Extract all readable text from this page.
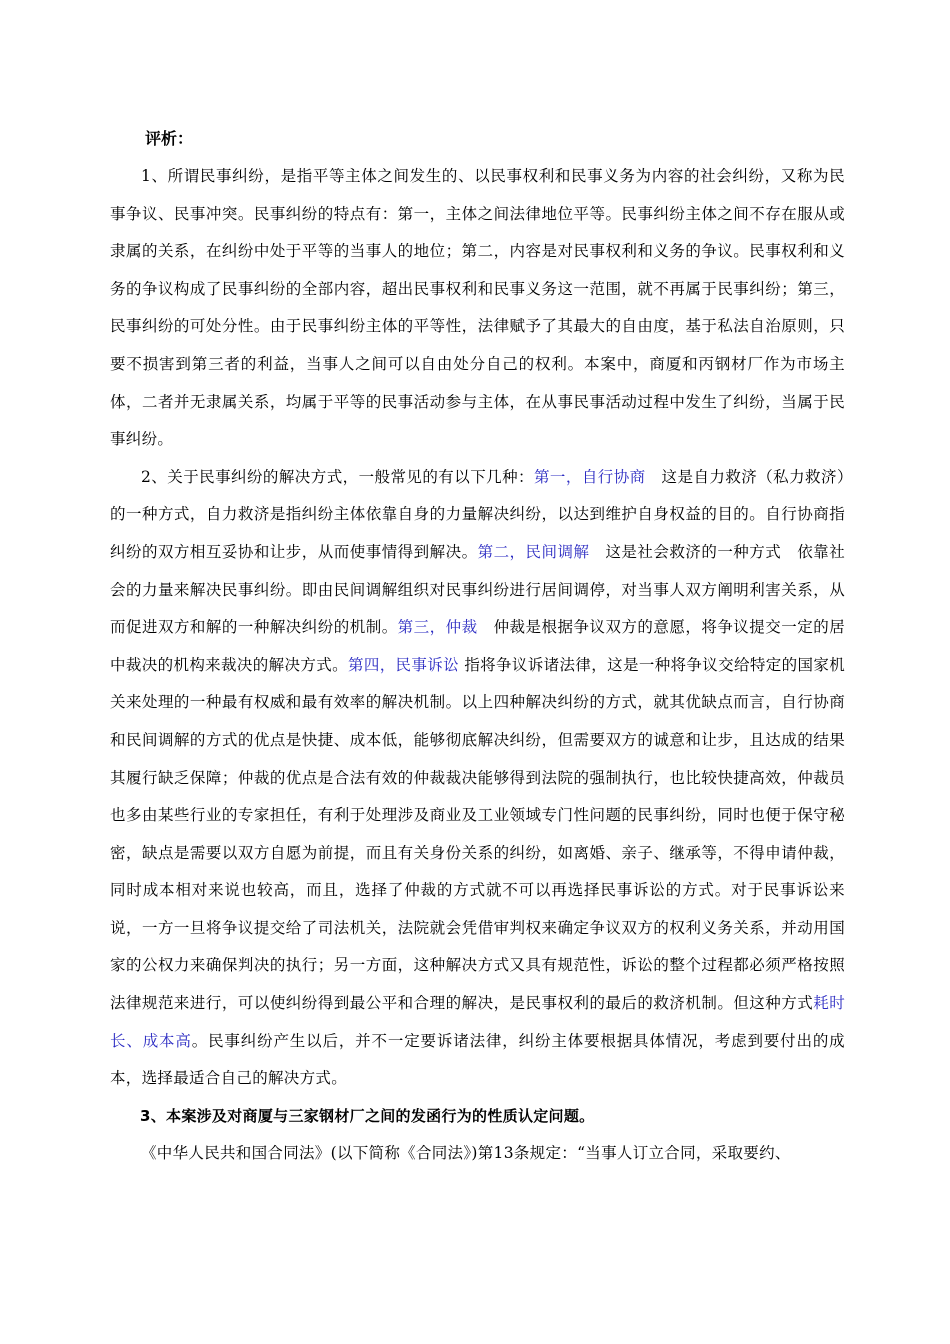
评析：

1、所谓民事纠纷，是指平等主体之间发生的、以民事权利和民事义务为内容的社会纠纷，又称为民事争议、民事冲突。民事纠纷的特点有：第一，主体之间法律地位平等。民事纠纷主体之间不存在服从或隶属的关系，在纠纷中处于平等的当事人的地位；第二，内容是对民事权利和义务的争议。民事权利和义务的争议构成了民事纠纷的全部内容，超出民事权利和民事义务这一范围，就不再属于民事纠纷；第三，民事纠纷的可处分性。由于民事纠纷主体的平等性，法律赋予了其最大的自由度，基于私法自治原则，只要不损害到第三者的利益，当事人之间可以自由处分自己的权利。本案中，商厦和丙钢材厂作为市场主体，二者并无隶属关系，均属于平等的民事活动参与主体，在从事民事活动过程中发生了纠纷，当属于民事纠纷。

2、关于民事纠纷的解决方式，一般常见的有以下几种：第一，自行协商　这是自力救济（私力救济）的一种方式，自力救济是指纠纷主体依靠自身的力量解决纠纷，以达到维护自身权益的目的。自行协商指纠纷的双方相互妥协和让步，从而使事情得到解决。第二，民间调解　这是社会救济的一种方式　依靠社会的力量来解决民事纠纷。即由民间调解组织对民事纠纷进行居间调停，对当事人双方阐明利害关系，从而促进双方和解的一种解决纠纷的机制。第三，仲裁　仲裁是根据争议双方的意愿，将争议提交一定的居中裁决的机构来裁决的解决方式。第四，民事诉讼 指将争议诉诸法律，这是一种将争议交给特定的国家机关来处理的一种最有权威和最有效率的解决机制。以上四种解决纠纷的方式，就其优缺点而言，自行协商和民间调解的方式的优点是快捷、成本低，能够彻底解决纠纷，但需要双方的诚意和让步，且达成的结果其履行缺乏保障；仲裁的优点是合法有效的仲裁裁决能够得到法院的强制执行，也比较快捷高效，仲裁员也多由某些行业的专家担任，有利于处理涉及商业及工业领域专门性问题的民事纠纷，同时也便于保守秘密，缺点是需要以双方自愿为前提，而且有关身份关系的纠纷，如离婚、亲子、继承等，不得申请仲裁，同时成本相对来说也较高，而且，选择了仲裁的方式就不可以再选择民事诉讼的方式。对于民事诉讼来说，一方一旦将争议提交给了司法机关，法院就会凭借审判权来确定争议双方的权利义务关系，并动用国家的公权力来确保判决的执行；另一方面，这种解决方式又具有规范性，诉讼的整个过程都必须严格按照法律规范来进行，可以使纠纷得到最公平和合理的解决，是民事权利的最后的救济机制。但这种方式耗时长、成本高。民事纠纷产生以后，并不一定要诉诸法律，纠纷主体要根据具体情况，考虑到要付出的成本，选择最适合自己的解决方式。

3、本案涉及对商厦与三家钢材厂之间的发函行为的性质认定问题。

《中华人民共和国合同法》(以下简称《合同法》)第13条规定：“当事人订立合同，采取要约、
